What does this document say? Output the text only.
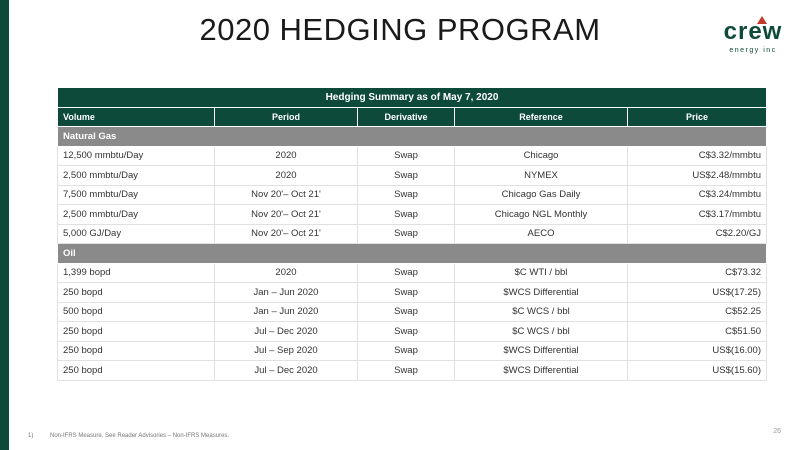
2020 HEDGING PROGRAM	crew
energy inc
Hedging Summary as of May 7, 2020				
Volume	Period	Derivative	Reference	Price
Natural Gas				
12,500 mmbtu/Day	2020	Swap	Chicago	C$3.32/mmbtu
2,500 mmbtu/Day	2020	Swap	NYMEX	US$2.48/mmbtu
7,500 mmbtu/Day	Nov 20'– Oct 21'	Swap	Chicago Gas Daily	C$3.24/mmbtu
2,500 mmbtu/Day	Nov 20'– Oct 21'	Swap	Chicago NGL Monthly	C$3.17/mmbtu
5,000 GJ/Day	Nov 20'– Oct 21'	Swap	AECO	C$2.20/GJ
Oil				
1,399 bopd	2020	Swap	$C WTI / bbl	C$73.32
250 bopd	Jan – Jun 2020	Swap	$WCS Differential	US$(17.25)
500 bopd	Jan – Jun 2020	Swap	$C WCS / bbl	C$52.25
250 bopd	Jul – Dec 2020	Swap	$C WCS / bbl	C$51.50
250 bopd	Jul – Sep 2020	Swap	$WCS Differential	US$(16.00)
250 bopd	Jul – Dec 2020	Swap	$WCS Differential	US$(15.60)
1)	Non-IFRS Measure. See Reader Advisories – Non-IFRS Measures.
26
